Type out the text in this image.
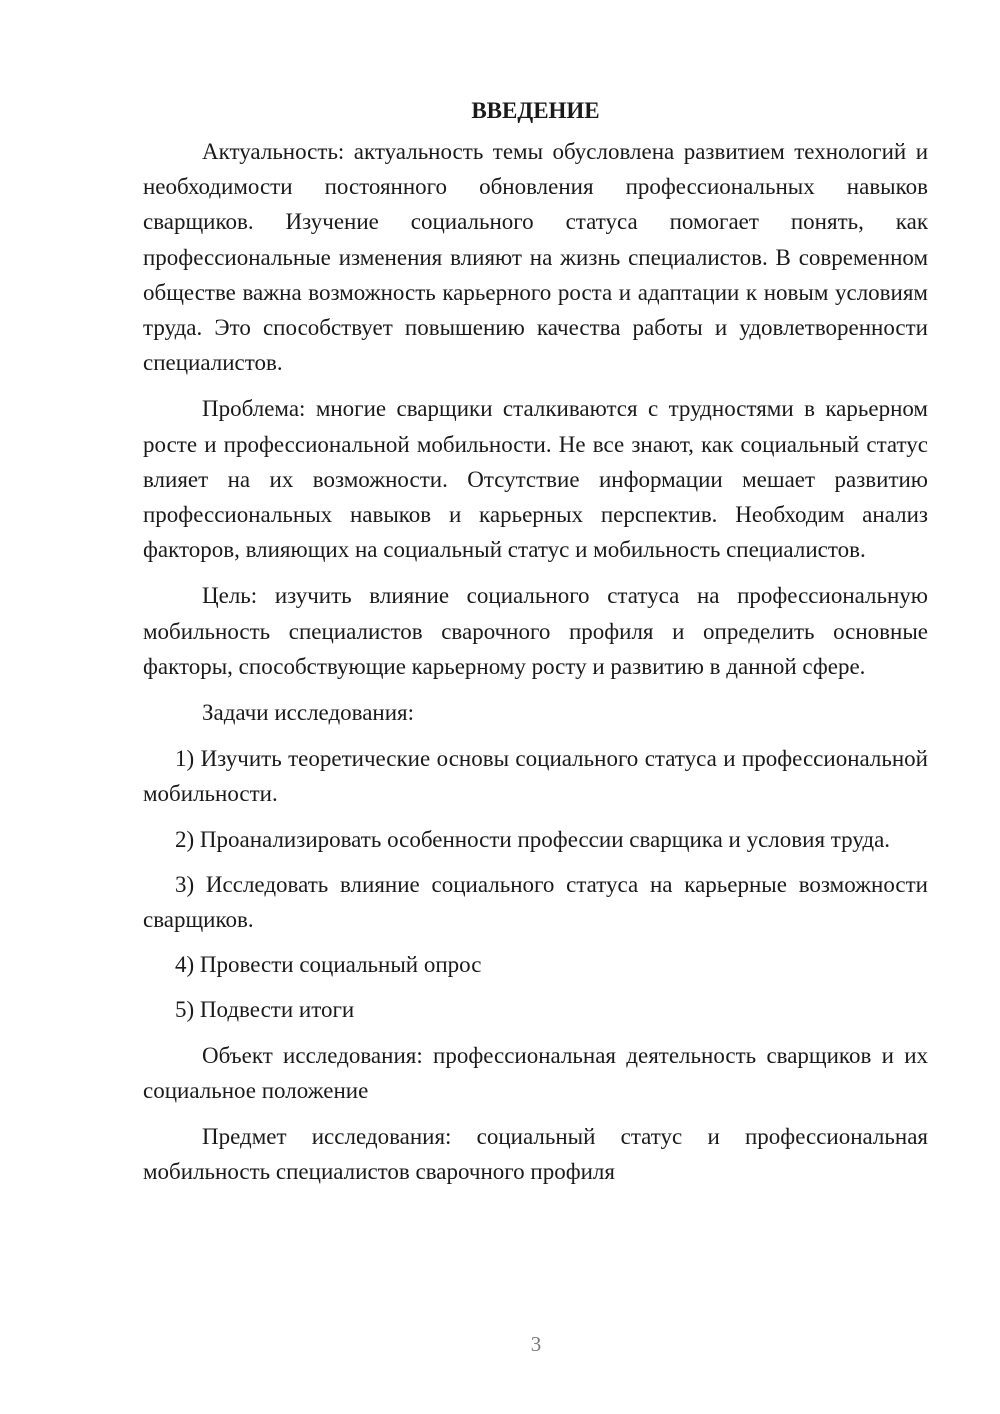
ВВЕДЕНИЕ

Актуальность: актуальность темы обусловлена развитием технологий и необходимости постоянного обновления профессиональных навыков сварщиков. Изучение социального статуса помогает понять, как профессиональные изменения влияют на жизнь специалистов. В современном обществе важна возможность карьерного роста и адаптации к новым условиям труда. Это способствует повышению качества работы и удовлетворенности специалистов.

Проблема: многие сварщики сталкиваются с трудностями в карьерном росте и профессиональной мобильности. Не все знают, как социальный статус влияет на их возможности. Отсутствие информации мешает развитию профессиональных навыков и карьерных перспектив. Необходим анализ факторов, влияющих на социальный статус и мобильность специалистов.

Цель: изучить влияние социального статуса на профессиональную мобильность специалистов сварочного профиля и определить основные факторы, способствующие карьерному росту и развитию в данной сфере.

Задачи исследования:

1) Изучить теоретические основы социального статуса и профессиональной мобильности.

2) Проанализировать особенности профессии сварщика и условия труда.

3) Исследовать влияние социального статуса на карьерные возможности сварщиков.

4) Провести социальный опрос

5) Подвести итоги

Объект исследования: профессиональная деятельность сварщиков и их социальное положение

Предмет исследования: социальный статус и профессиональная мобильность специалистов сварочного профиля

3
